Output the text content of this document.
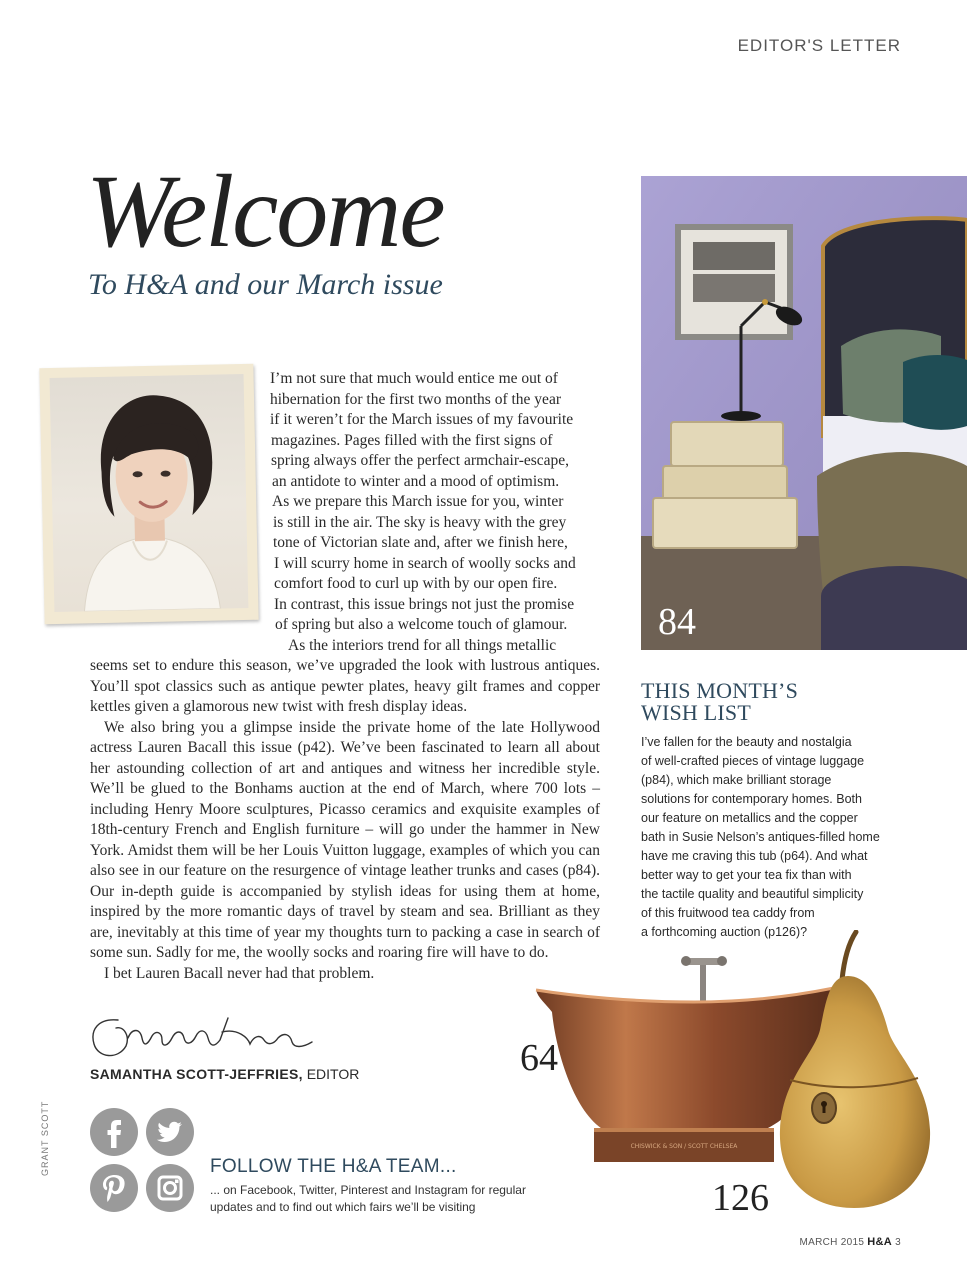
EDITOR'S LETTER
Welcome
To H&A and our March issue
I’m not sure that much would entice me out of
hibernation for the first two months of the year
if it weren’t for the March issues of my favourite
magazines. Pages filled with the first signs of
spring always offer the perfect armchair-escape,
an antidote to winter and a mood of optimism.
As we prepare this March issue for you, winter
is still in the air. The sky is heavy with the grey
tone of Victorian slate and, after we finish here,
I will scurry home in search of woolly socks and
comfort food to curl up with by our open fire.
In contrast, this issue brings not just the promise
of spring but also a welcome touch of glamour.
As the interiors trend for all things metallic

seems set to endure this season, we’ve upgraded the look with lustrous antiques. You’ll spot classics such as antique pewter plates, heavy gilt frames and copper kettles given a glamorous new twist with fresh display ideas.

We also bring you a glimpse inside the private home of the late Hollywood actress Lauren Bacall this issue (p42). We’ve been fascinated to learn all about her astounding collection of art and antiques and witness her incredible style. We’ll be glued to the Bonhams auction at the end of March, where 700 lots – including Henry Moore sculptures, Picasso ceramics and exquisite examples of 18th-century French and English furniture – will go under the hammer in New York. Amidst them will be her Louis Vuitton luggage, examples of which you can also see in our feature on the resurgence of vintage leather trunks and cases (p84). Our in-depth guide is accompanied by stylish ideas for using them at home, inspired by the more romantic days of travel by steam and sea. Brilliant as they are, inevitably at this time of year my thoughts turn to packing a case in search of some sun. Sadly for me, the woolly socks and roaring fire will have to do.

I bet Lauren Bacall never had that problem.

SAMANTHA SCOTT-JEFFRIES, EDITOR
GRANT SCOTT	FOLLOW THE H&A TEAM...
... on Facebook, Twitter, Pinterest and Instagram for regular updates and to find out which fairs we’ll be visiting
84
THIS MONTH’S
WISH LIST
I’ve fallen for the beauty and nostalgia
of well-crafted pieces of vintage luggage
(p84), which make brilliant storage
solutions for contemporary homes. Both
our feature on metallics and the copper
bath in Susie Nelson’s antiques-filled home
have me craving this tub (p64). And what
better way to get your tea fix than with
the tactile quality and beautiful simplicity
of this fruitwood tea caddy from
a forthcoming auction (p126)?
CHISWICK & SON / SCOTT CHELSEA
64
126
MARCH 2015 H&A 3
